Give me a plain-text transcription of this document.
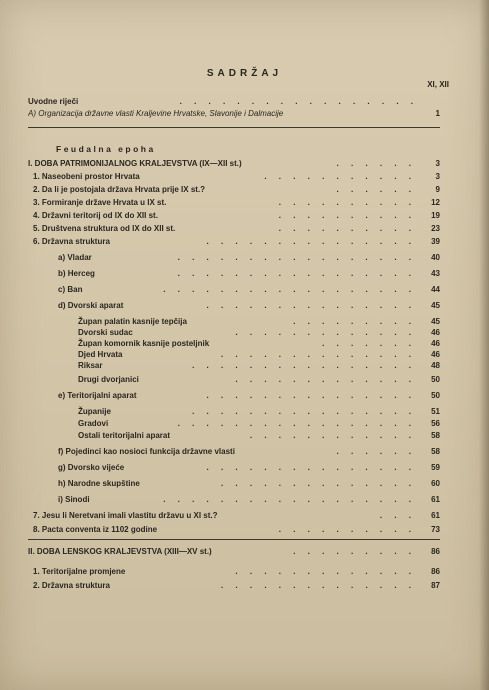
SADRŽAJ
XI, XII
Uvodne riječi	. . . . . . . . . . . . . . . . .
A) Organizacija državne vlasti Kraljevine Hrvatske, Slavonije i Dalmacije	1
Feudalna epoha
I. DOBA PATRIMONIJALNOG KRALJEVSTVA (IX—XII st.)	. . . . . .	3
1. Naseobeni prostor Hrvata	. . . . . . . . . . .	3
2. Da li je postojala država Hrvata prije IX st.?	. . . . . .	9
3. Formiranje države Hrvata u IX st.	. . . . . . . . . .	12
4. Državni teritorij od IX do XII st.	. . . . . . . . . .	19
5. Društvena struktura od IX do XII st.	. . . . . . . . . .	23
6. Državna struktura	. . . . . . . . . . . . . . .	39
a) Vladar	. . . . . . . . . . . . . . . . .	40
b) Herceg	. . . . . . . . . . . . . . . . .	43
c) Ban	. . . . . . . . . . . . . . . . . .	44
d) Dvorski aparat	. . . . . . . . . . . . . . .	45
Župan palatin kasnije tepčija	. . . . . . . . .	45
Dvorski sudac	. . . . . . . . . . . . .	46
Župan komornik kasnije posteljnik	. . . . . . .	46
Djed Hrvata	. . . . . . . . . . . . . .	46
Riksar	. . . . . . . . . . . . . . . .	48
Drugi dvorjanici	. . . . . . . . . . . . .	50
e) Teritorijalni aparat	. . . . . . . . . . . . . . .	50
Županije	. . . . . . . . . . . . . . . .	51
Gradovi	. . . . . . . . . . . . . . . . .	56
Ostali teritorijalni aparat	. . . . . . . . . . . .	58
f) Pojedinci kao nosioci funkcija državne vlasti	. . . . . .	58
g) Dvorsko vijeće	. . . . . . . . . . . . . . .	59
h) Narodne skupštine	. . . . . . . . . . . . . .	60
i) Sinodi	. . . . . . . . . . . . . . . . . .	61
7. Jesu li Neretvani imali vlastitu državu u XI st.?	. . .	61
8. Pacta conventa iz 1102 godine	. . . . . . . . . .	73
II. DOBA LENSKOG KRALJEVSTVA (XIII—XV st.)	. . . . . . . . .	86
1. Teritorijalne promjene	. . . . . . . . . . . . .	86
2. Državna struktura	. . . . . . . . . . . . . .	87
